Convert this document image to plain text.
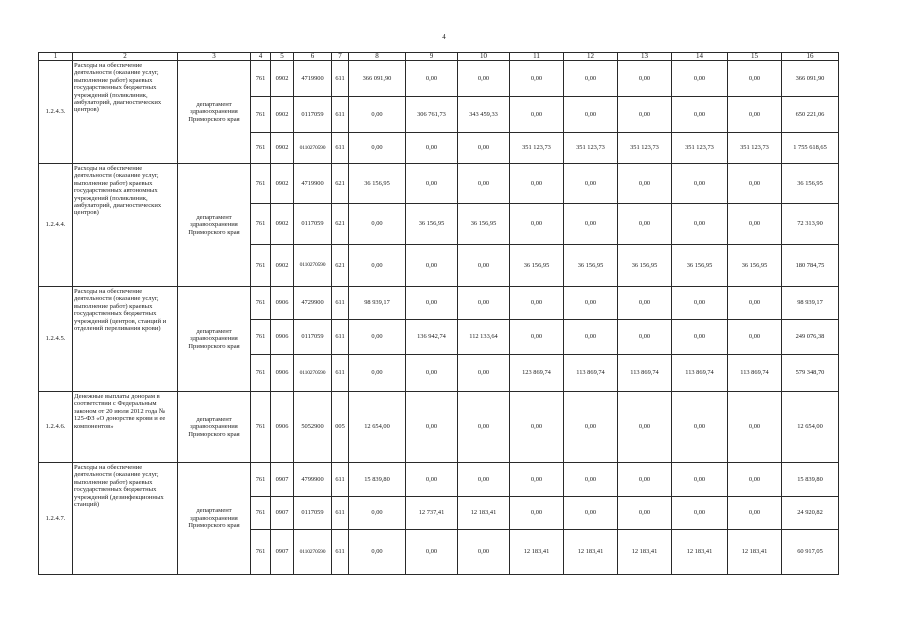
4
1	2	3	4	5	6	7	8	9	10	11	12	13	14	15	16
1.2.4.3.	Расходы на обеспечение деятельности (оказание услуг, выполнение работ) краевых государственных бюджетных учреждений (поликлиник, амбулаторий, диагностических центров)	департамент здравоохранения Приморского края	761	0902	4719900	611	366 091,90	0,00	0,00	0,00	0,00	0,00	0,00	0,00	366 091,90
			761	0902	0117059	611	0,00	306 761,73	343 459,33	0,00	0,00	0,00	0,00	0,00	650 221,06
			761	0902	0110270590	611	0,00	0,00	0,00	351 123,73	351 123,73	351 123,73	351 123,73	351 123,73	1 755 618,65
1.2.4.4.	Расходы на обеспечение деятельности (оказание услуг, выполнение работ) краевых государственных автономных учреждений (поликлиник, амбулаторий, диагностических центров)	департамент здравоохранения Приморского края	761	0902	4719900	621	36 156,95	0,00	0,00	0,00	0,00	0,00	0,00	0,00	36 156,95
			761	0902	0117059	621	0,00	36 156,95	36 156,95	0,00	0,00	0,00	0,00	0,00	72 313,90
			761	0902	0110270590	621	0,00	0,00	0,00	36 156,95	36 156,95	36 156,95	36 156,95	36 156,95	180 784,75
1.2.4.5.	Расходы на обеспечение деятельности (оказание услуг, выполнение работ) краевых государственных бюджетных учреждений (центров, станций и отделений переливания крови)	департамент здравоохранения Приморского края	761	0906	4729900	611	98 939,17	0,00	0,00	0,00	0,00	0,00	0,00	0,00	98 939,17
			761	0906	0117059	611	0,00	136 942,74	112 133,64	0,00	0,00	0,00	0,00	0,00	249 076,38
			761	0906	0110270590	611	0,00	0,00	0,00	123 869,74	113 869,74	113 869,74	113 869,74	113 869,74	579 348,70
1.2.4.6.	Денежные выплаты донорам в соответствии с Федеральным законом от 20 июля 2012 года № 125-ФЗ «О донорстве крови и ее компонентов»	департамент здравоохранения Приморского края	761	0906	5052900	005	12 654,00	0,00	0,00	0,00	0,00	0,00	0,00	0,00	12 654,00
1.2.4.7.	Расходы на обеспечение деятельности (оказание услуг, выполнение работ) краевых государственных бюджетных учреждений (дезинфекционных станций)	департамент здравоохранения Приморского края	761	0907	4799900	611	15 839,80	0,00	0,00	0,00	0,00	0,00	0,00	0,00	15 839,80
			761	0907	0117059	611	0,00	12 737,41	12 183,41	0,00	0,00	0,00	0,00	0,00	24 920,82
			761	0907	0110270590	611	0,00	0,00	0,00	12 183,41	12 183,41	12 183,41	12 183,41	12 183,41	60 917,05
